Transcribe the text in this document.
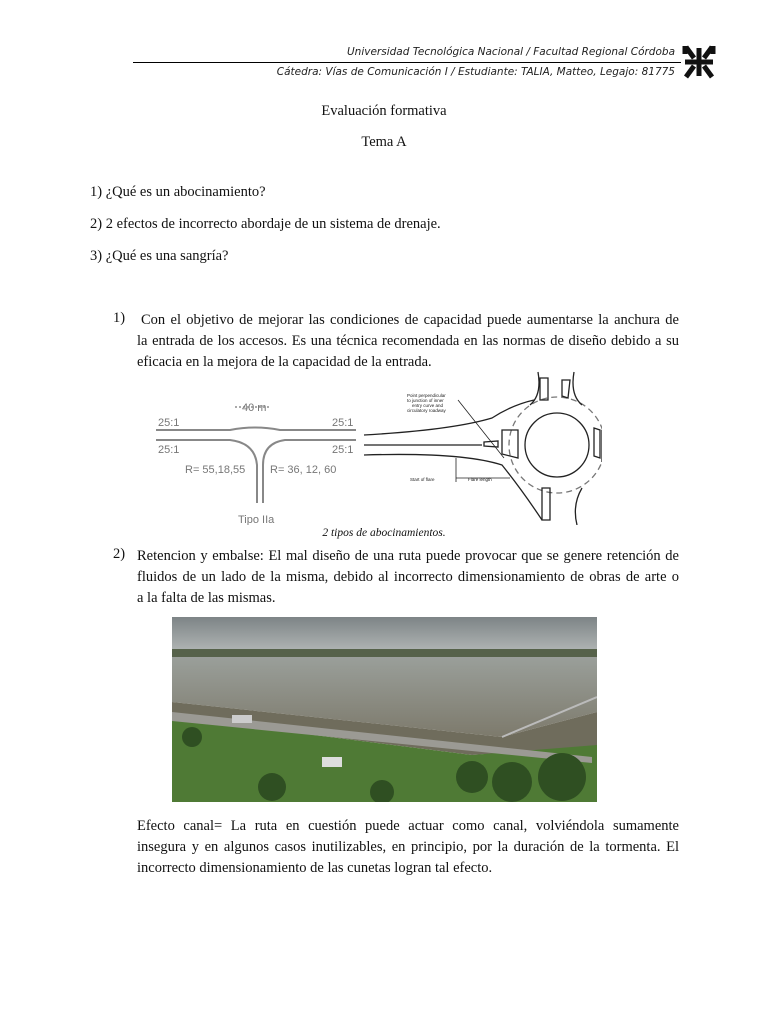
Universidad Tecnológica Nacional / Facultad Regional Córdoba
Cátedra: Vías de Comunicación I / Estudiante: TALIA, Matteo, Legajo: 81775
Evaluación formativa
Tema A
1) ¿Qué es un abocinamiento?
2) 2 efectos de incorrecto abordaje de un sistema de drenaje.
3) ¿Qué es una sangría?
1) Con el objetivo de mejorar las condiciones de capacidad puede aumentarse la anchura de
la entrada de los accesos. Es una técnica recomendada en las normas de diseño debido a su
eficacia en la mejora de la capacidad de la entrada.
40 m
25:1	25:1
25:1	25:1
R= 55,18,55 R= 36, 12, 60
Tipo IIa
Point perpendicular
to junction of inner
entry curve and
circulatory roadway
Start of flare	Flare length
2 tipos de abocinamientos.
2) Retencion y embalse: El mal diseño de una ruta puede provocar que se genere retención de
fluidos de un lado de la misma, debido al incorrecto dimensionamiento de obras de arte o
a la falta de las mismas.
Efecto canal= La ruta en cuestión puede actuar como canal, volviéndola sumamente
insegura y en algunos casos inutilizables, en principio, por la duración de la tormenta. El
incorrecto dimensionamiento de las cunetas logran tal efecto.
